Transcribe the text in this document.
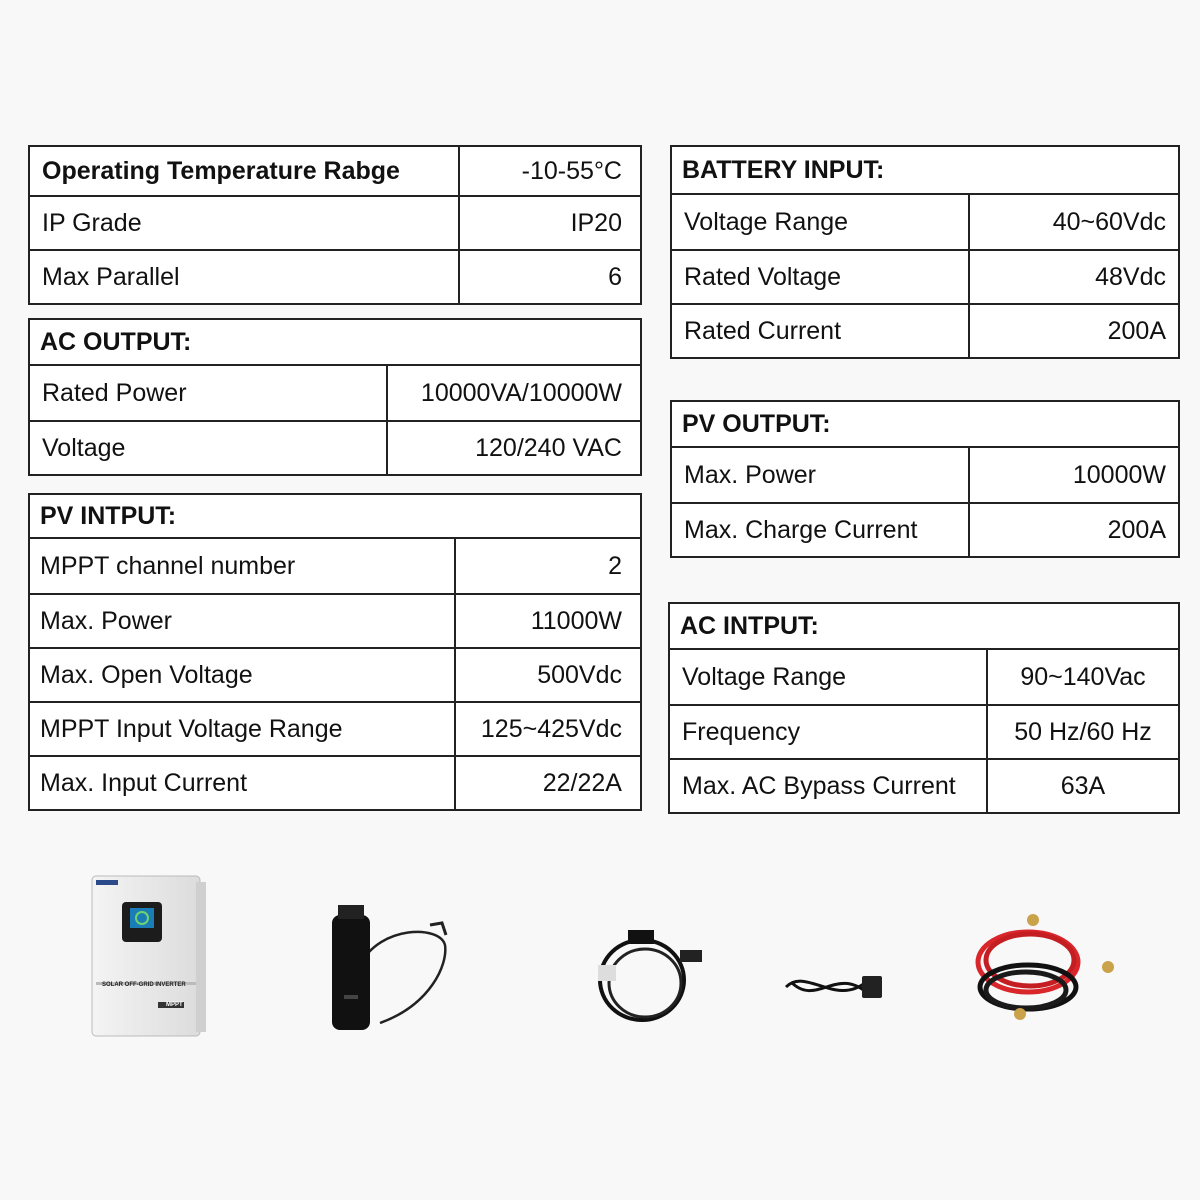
Operating Temperature Rabge	-10-55°C
IP Grade	IP20
Max Parallel	6
AC OUTPUT:
Rated Power	10000VA/10000W
Voltage	120/240 VAC
PV INTPUT:
MPPT channel number	2
Max. Power	11000W
Max. Open Voltage	500Vdc
MPPT Input Voltage Range	125~425Vdc
Max. Input Current	22/22A
BATTERY INPUT:
Voltage Range	40~60Vdc
Rated Voltage	48Vdc
Rated Current	200A
PV OUTPUT:
Max. Power	10000W
Max. Charge Current	200A
AC INTPUT:
Voltage Range	90~140Vac
Frequency	50 Hz/60 Hz
Max. AC Bypass Current	63A
SOLAR OFF-GRID INVERTER
MPPT
